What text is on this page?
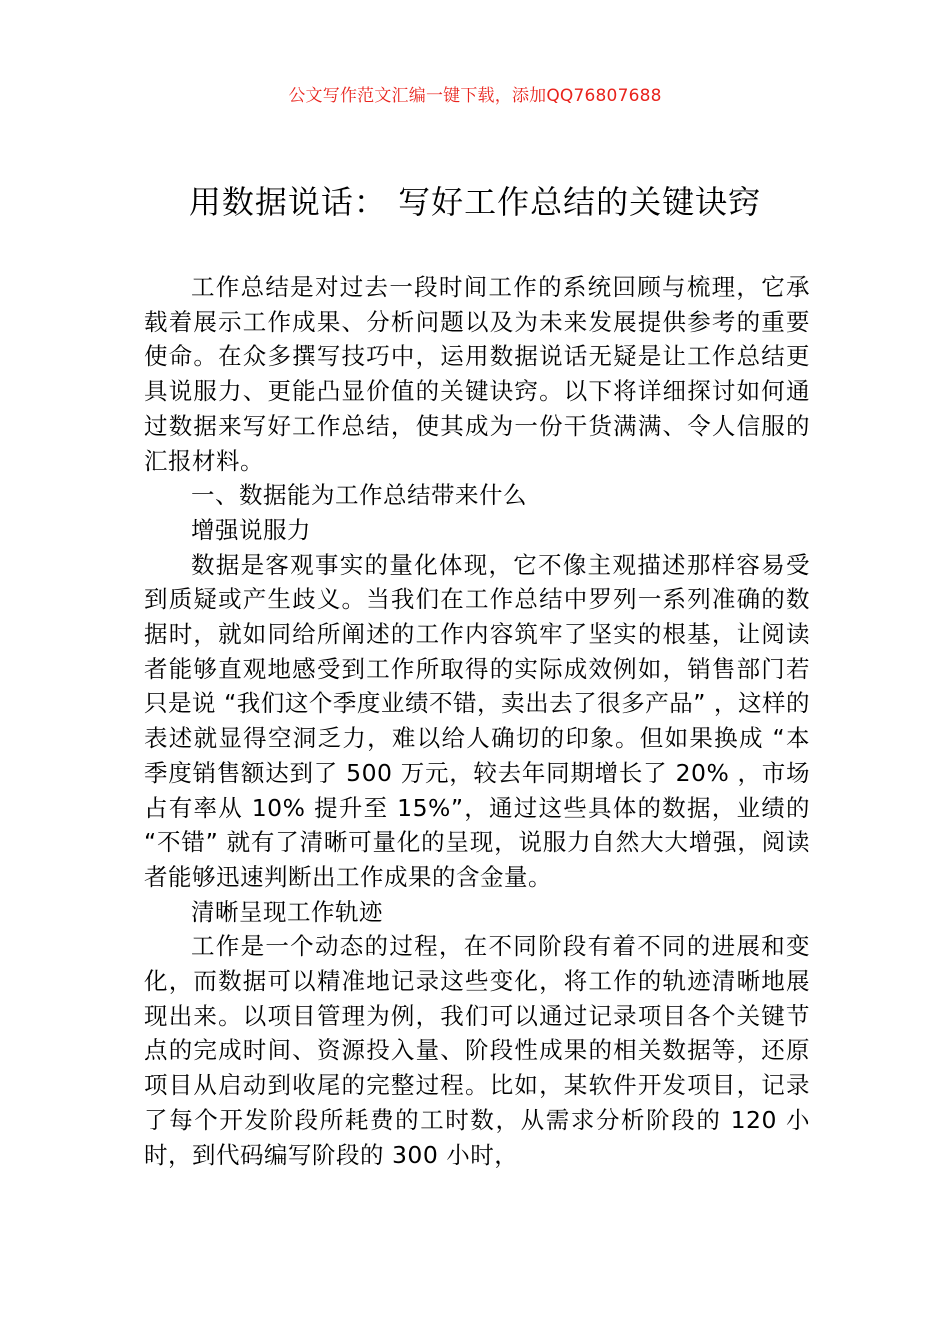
公文写作范文汇编一键下载，添加QQ76807688
用数据说话： 写好工作总结的关键诀窍

工作总结是对过去一段时间工作的系统回顾与梳理，它承载着展示工作成果、分析问题以及为未来发展提供参考的重要使命。在众多撰写技巧中，运用数据说话无疑是让工作总结更具说服力、更能凸显价值的关键诀窍。以下将详细探讨如何通过数据来写好工作总结，使其成为一份干货满满、令人信服的汇报材料。

一、数据能为工作总结带来什么

增强说服力

数据是客观事实的量化体现，它不像主观描述那样容易受到质疑或产生歧义。当我们在工作总结中罗列一系列准确的数据时，就如同给所阐述的工作内容筑牢了坚实的根基，让阅读者能够直观地感受到工作所取得的实际成效例如，销售部门若只是说 “我们这个季度业绩不错，卖出去了很多产品” ，这样的表述就显得空洞乏力，难以给人确切的印象。但如果换成 “本季度销售额达到了 500 万元，较去年同期增长了 20% ，市场占有率从 10% 提升至 15%”，通过这些具体的数据，业绩的 “不错” 就有了清晰可量化的呈现，说服力自然大大增强，阅读者能够迅速判断出工作成果的含金量。

清晰呈现工作轨迹

工作是一个动态的过程，在不同阶段有着不同的进展和变化，而数据可以精准地记录这些变化，将工作的轨迹清晰地展现出来。以项目管理为例，我们可以通过记录项目各个关键节点的完成时间、资源投入量、阶段性成果的相关数据等，还原项目从启动到收尾的完整过程。比如，某软件开发项目，记录了每个开发阶段所耗费的工时数，从需求分析阶段的 120 小时，到代码编写阶段的 300 小时，
